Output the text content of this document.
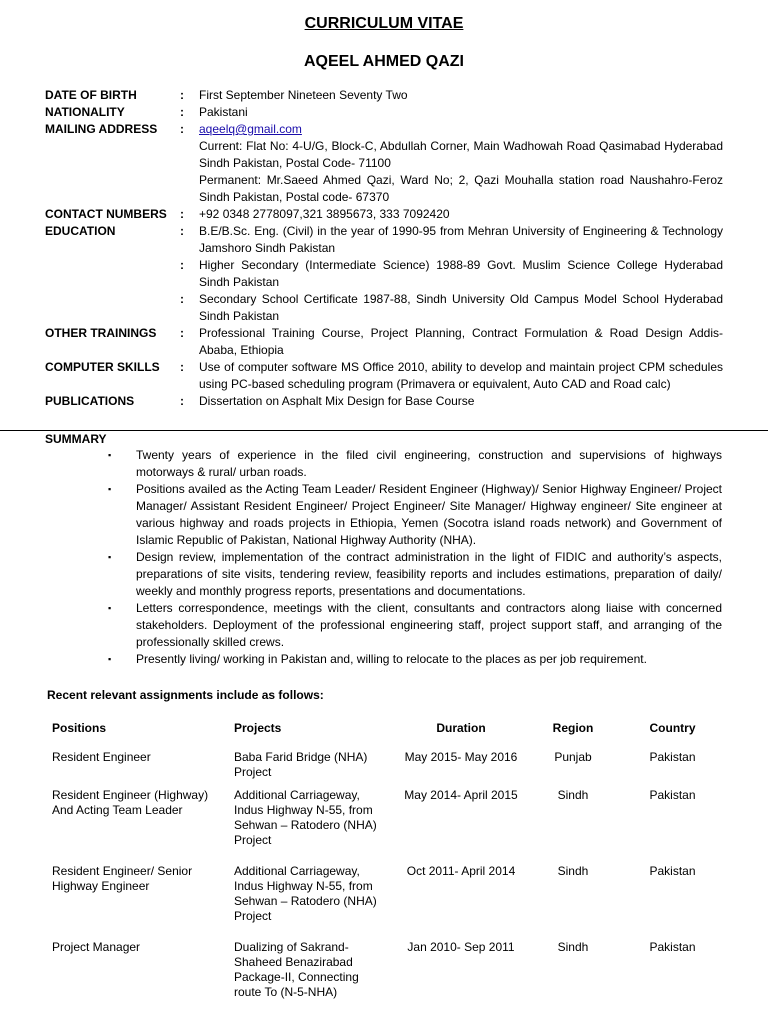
CURRICULUM VITAE
AQEEL AHMED QAZI
DATE OF BIRTH	: First September Nineteen Seventy Two
NATIONALITY	: Pakistani
MAILING ADDRESS	: aqeelq@gmail.com

Current: Flat No: 4-U/G, Block-C, Abdullah Corner, Main Wadhowah Road Qasimabad Hyderabad Sindh Pakistan, Postal Code- 71100

Permanent: Mr.Saeed Ahmed Qazi, Ward No; 2, Qazi Mouhalla station road Naushahro-Feroz Sindh Pakistan, Postal code- 67370

CONTACT NUMBERS	: +92 0348 2778097,321 3895673, 333 7092420
EDUCATION	: B.E/B.Sc. Eng. (Civil) in the year of 1990-95 from Mehran University of Engineering & Technology Jamshoro Sindh Pakistan
: Higher Secondary (Intermediate Science) 1988-89 Govt. Muslim Science College Hyderabad Sindh Pakistan
: Secondary School Certificate 1987-88, Sindh University Old Campus Model School Hyderabad Sindh Pakistan
OTHER TRAININGS	: Professional Training Course, Project Planning, Contract Formulation & Road Design Addis-Ababa, Ethiopia
COMPUTER SKILLS	: Use of computer software MS Office 2010, ability to develop and maintain project CPM schedules using PC-based scheduling program (Primavera or equivalent, Auto CAD and Road calc)
PUBLICATIONS	: Dissertation on Asphalt Mix Design for Base Course
SUMMARY
▪ Twenty years of experience in the filed civil engineering, construction and supervisions of highways motorways & rural/ urban roads.
▪ Positions availed as the Acting Team Leader/ Resident Engineer (Highway)/ Senior Highway Engineer/ Project Manager/ Assistant Resident Engineer/ Project Engineer/ Site Manager/ Highway engineer/ Site engineer at various highway and roads projects in Ethiopia, Yemen (Socotra island roads network) and Government of Islamic Republic of Pakistan, National Highway Authority (NHA).
▪ Design review, implementation of the contract administration in the light of FIDIC and authority’s aspects, preparations of site visits, tendering review, feasibility reports and includes estimations, preparation of daily/ weekly and monthly progress reports, presentations and documentations.
▪ Letters correspondence, meetings with the client, consultants and contractors along liaise with concerned stakeholders. Deployment of the professional engineering staff, project support staff, and arranging of the professionally skilled crews.
▪ Presently living/ working in Pakistan and, willing to relocate to the places as per job requirement.
Recent relevant assignments include as follows:
Positions	Projects	Duration	Region	Country
Resident Engineer	Baba Farid Bridge (NHA) Project	May 2015- May 2016	Punjab	Pakistan
Resident Engineer (Highway) And Acting Team Leader	Additional Carriageway, Indus Highway N-55, from Sehwan – Ratodero (NHA) Project	May 2014- April 2015	Sindh	Pakistan
Resident Engineer/ Senior Highway Engineer	Additional Carriageway, Indus Highway N-55, from Sehwan – Ratodero (NHA) Project	Oct 2011- April 2014	Sindh	Pakistan
Project Manager	Dualizing of Sakrand-Shaheed Benazirabad Package-II, Connecting route To (N-5-NHA)	Jan 2010- Sep 2011	Sindh	Pakistan
